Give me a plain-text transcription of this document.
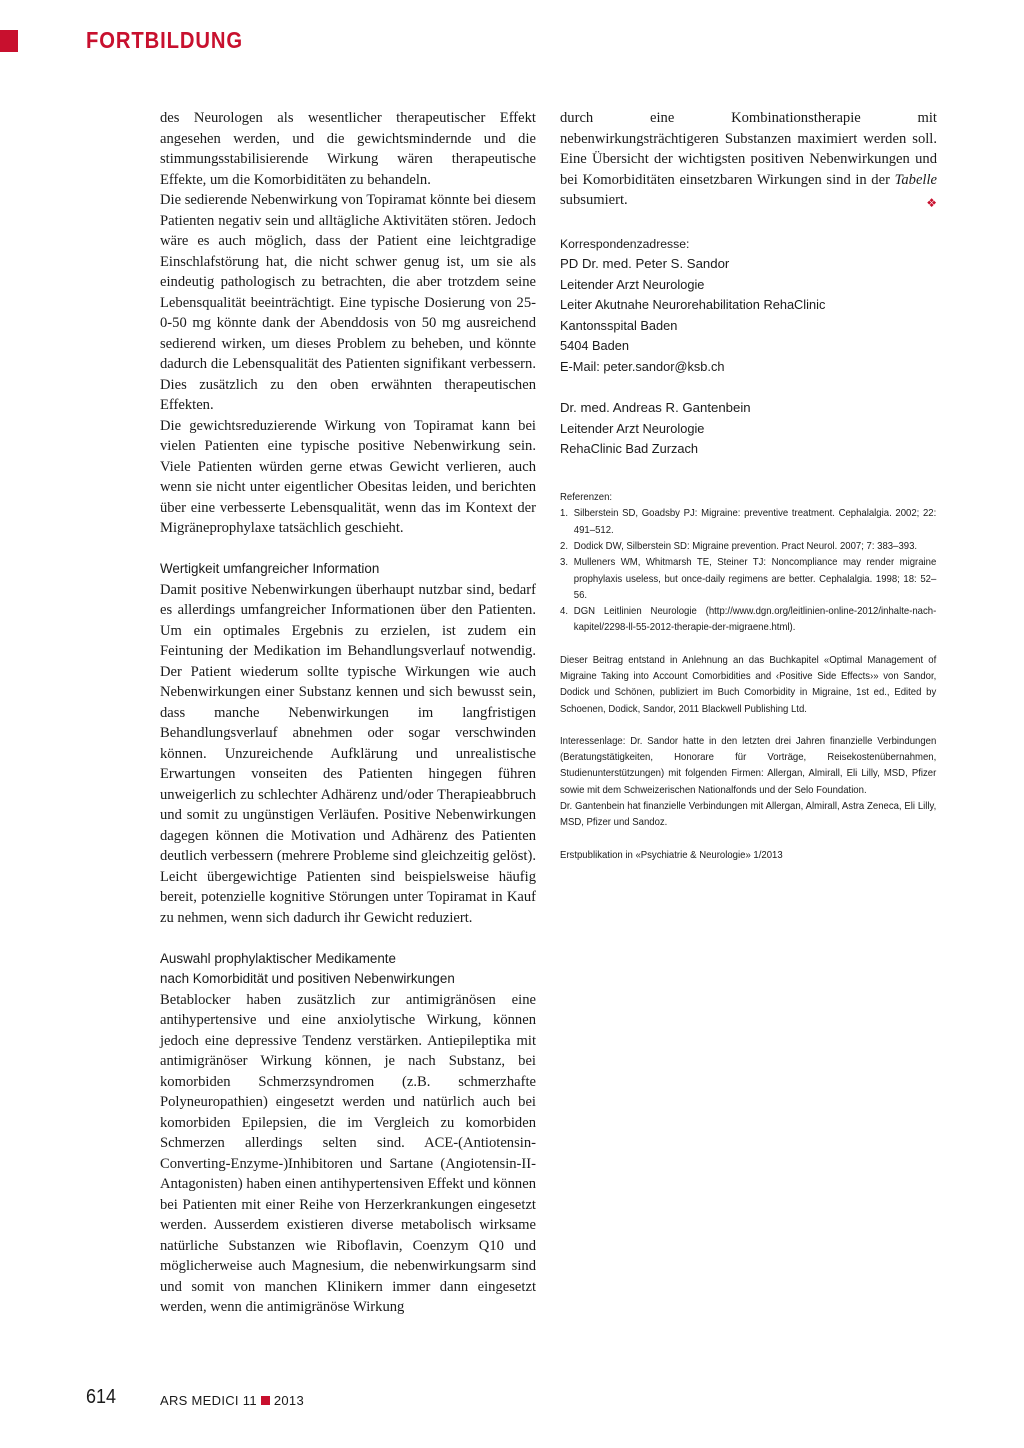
FORTBILDUNG

des Neurologen als wesentlicher therapeutischer Effekt angesehen werden, und die gewichtsmindernde und die stimmungsstabilisierende Wirkung wären therapeutische Effekte, um die Komorbiditäten zu behandeln.

Die sedierende Nebenwirkung von Topiramat könnte bei diesem Patienten negativ sein und alltägliche Aktivitäten stören. Jedoch wäre es auch möglich, dass der Patient eine leichtgradige Einschlafstörung hat, die nicht schwer genug ist, um sie als eindeutig pathologisch zu betrachten, die aber trotzdem seine Lebensqualität beeinträchtigt. Eine typische Dosierung von 25-0-50 mg könnte dank der Abenddosis von 50 mg ausreichend sedierend wirken, um dieses Problem zu beheben, und könnte dadurch die Lebensqualität des Patienten signifikant verbessern. Dies zusätzlich zu den oben erwähnten therapeutischen Effekten.

Die gewichtsreduzierende Wirkung von Topiramat kann bei vielen Patienten eine typische positive Nebenwirkung sein. Viele Patienten würden gerne etwas Gewicht verlieren, auch wenn sie nicht unter eigentlicher Obesitas leiden, und berichten über eine verbesserte Lebensqualität, wenn das im Kontext der Migräneprophylaxe tatsächlich geschieht.

Wertigkeit umfangreicher Information

Damit positive Nebenwirkungen überhaupt nutzbar sind, bedarf es allerdings umfangreicher Informationen über den Patienten. Um ein optimales Ergebnis zu erzielen, ist zudem ein Feintuning der Medikation im Behandlungsverlauf notwendig. Der Patient wiederum sollte typische Wirkungen wie auch Nebenwirkungen einer Substanz kennen und sich bewusst sein, dass manche Nebenwirkungen im langfristigen Behandlungsverlauf abnehmen oder sogar verschwinden können. Unzureichende Aufklärung und unrealistische Erwartungen vonseiten des Patienten hingegen führen unweigerlich zu schlechter Adhärenz und/oder Therapieabbruch und somit zu ungünstigen Verläufen. Positive Nebenwirkungen dagegen können die Motivation und Adhärenz des Patienten deutlich verbessern (mehrere Probleme sind gleichzeitig gelöst). Leicht übergewichtige Patienten sind beispielsweise häufig bereit, potenzielle kognitive Störungen unter Topiramat in Kauf zu nehmen, wenn sich dadurch ihr Gewicht reduziert.

Auswahl prophylaktischer Medikamente
nach Komorbidität und positiven Nebenwirkungen

Betablocker haben zusätzlich zur antimigränösen eine antihypertensive und eine anxiolytische Wirkung, können jedoch eine depressive Tendenz verstärken. Antiepileptika mit antimigränöser Wirkung können, je nach Substanz, bei komorbiden Schmerzsyndromen (z.B. schmerzhafte Polyneuropathien) eingesetzt werden und natürlich auch bei komorbiden Epilepsien, die im Vergleich zu komorbiden Schmerzen allerdings selten sind. ACE-(Antiotensin-Converting-Enzyme-)Inhibitoren und Sartane (Angiotensin-II-Antagonisten) haben einen antihypertensiven Effekt und können bei Patienten mit einer Reihe von Herzerkrankungen eingesetzt werden. Ausserdem existieren diverse metabolisch wirksame natürliche Substanzen wie Riboflavin, Coenzym Q10 und möglicherweise auch Magnesium, die nebenwirkungsarm sind und somit von manchen Klinikern immer dann eingesetzt werden, wenn die antimigränöse Wirkung

durch eine Kombinationstherapie mit nebenwirkungsträchtigeren Substanzen maximiert werden soll. Eine Übersicht der wichtigsten positiven Nebenwirkungen und bei Komorbiditäten einsetzbaren Wirkungen sind in der Tabelle subsumiert.	❖

Korrespondenzadresse:
PD Dr. med. Peter S. Sandor
Leitender Arzt Neurologie
Leiter Akutnahe Neurorehabilitation RehaClinic
Kantonsspital Baden
5404 Baden
E-Mail: peter.sandor@ksb.ch
Dr. med. Andreas R. Gantenbein
Leitender Arzt Neurologie
RehaClinic Bad Zurzach
Referenzen:
1. Silberstein SD, Goadsby PJ: Migraine: preventive treatment. Cephalalgia. 2002; 22: 491–512.
2. Dodick DW, Silberstein SD: Migraine prevention. Pract Neurol. 2007; 7: 383–393.
3. Mulleners WM, Whitmarsh TE, Steiner TJ: Noncompliance may render migraine prophylaxis useless, but once-daily regimens are better. Cephalalgia. 1998; 18: 52–56.
4. DGN Leitlinien Neurologie (http://www.dgn.org/leitlinien-online-2012/inhalte-nach-kapitel/2298-ll-55-2012-therapie-der-migraene.html).
Dieser Beitrag entstand in Anlehnung an das Buchkapitel «Optimal Management of Migraine Taking into Account Comorbidities and ‹Positive Side Effects›» von Sandor, Dodick und Schönen, publiziert im Buch Comorbidity in Migraine, 1st ed., Edited by Schoenen, Dodick, Sandor, 2011 Blackwell Publishing Ltd.
Interessenlage: Dr. Sandor hatte in den letzten drei Jahren finanzielle Verbindungen (Beratungstätigkeiten, Honorare für Vorträge, Reisekostenübernahmen, Studienunterstützungen) mit folgenden Firmen: Allergan, Almirall, Eli Lilly, MSD, Pfizer sowie mit dem Schweizerischen Nationalfonds und der Selo Foundation.
Dr. Gantenbein hat finanzielle Verbindungen mit Allergan, Almirall, Astra Zeneca, Eli Lilly, MSD, Pfizer und Sandoz.
Erstpublikation in «Psychiatrie & Neurologie» 1/2013
614	ARS MEDICI 11 2013
